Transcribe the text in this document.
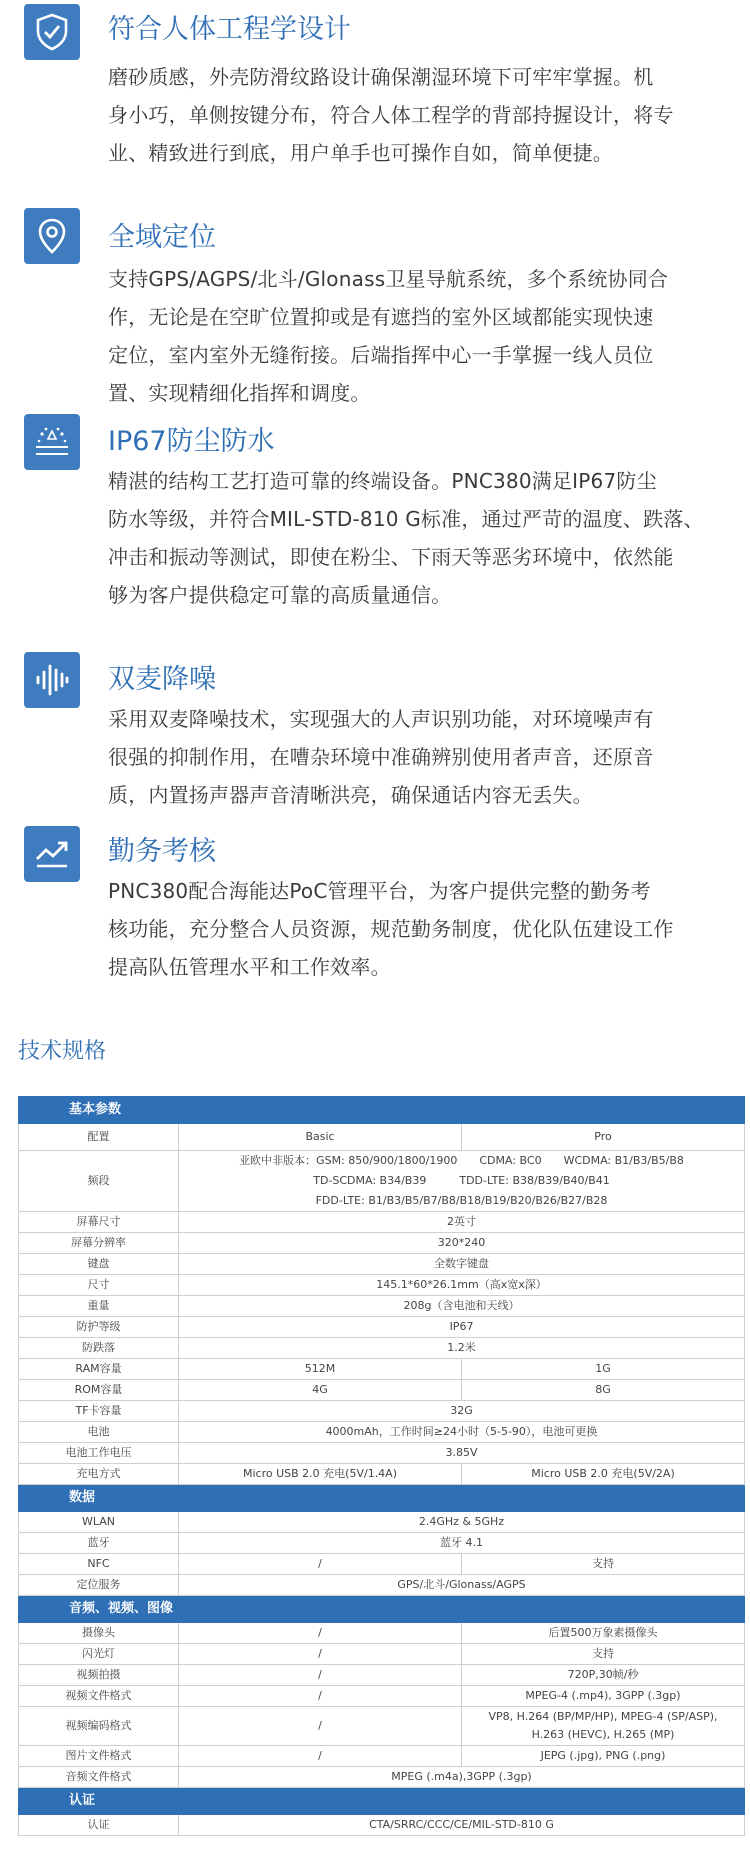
符合人体工程学设计
磨砂质感，外壳防滑纹路设计确保潮湿环境下可牢牢掌握。机
身小巧，单侧按键分布，符合人体工程学的背部持握设计，将专
业、精致进行到底，用户单手也可操作自如，简单便捷。
全域定位
支持GPS/AGPS/北斗/Glonass卫星导航系统，多个系统协同合
作，无论是在空旷位置抑或是有遮挡的室外区域都能实现快速
定位，室内室外无缝衔接。后端指挥中心一手掌握一线人员位
置、实现精细化指挥和调度。
IP67防尘防水
精湛的结构工艺打造可靠的终端设备。PNC380满足IP67防尘
防水等级，并符合MIL-STD-810 G标准，通过严苛的温度、跌落、
冲击和振动等测试，即使在粉尘、下雨天等恶劣环境中，依然能
够为客户提供稳定可靠的高质量通信。
双麦降噪
采用双麦降噪技术，实现强大的人声识别功能，对环境噪声有
很强的抑制作用，在嘈杂环境中准确辨别使用者声音，还原音
质，内置扬声器声音清晰洪亮，确保通话内容无丢失。
勤务考核
PNC380配合海能达PoC管理平台，为客户提供完整的勤务考
核功能，充分整合人员资源，规范勤务制度，优化队伍建设工作
提高队伍管理水平和工作效率。
技术规格
基本参数		
配置	Basic	Pro
频段	亚欧中非版本：GSM: 850/900/1800/1900　　CDMA: BC0　　WCDMA: B1/B3/B5/B8
TD-SCDMA: B34/B39　　　TDD-LTE: B38/B39/B40/B41
FDD-LTE: B1/B3/B5/B7/B8/B18/B19/B20/B26/B27/B28	

屏幕尺寸	2英寸	
屏幕分辨率	320*240	
键盘	全数字键盘	
尺寸	145.1*60*26.1mm（高x宽x深）	
重量	208g（含电池和天线）	
防护等级	IP67	
防跌落	1.2米	
RAM容量	512M	1G
ROM容量	4G	8G
TF卡容量	32G	
电池	4000mAh，工作时间≥24小时（5-5-90），电池可更换	
电池工作电压	3.85V	
充电方式	Micro USB 2.0 充电(5V/1.4A)	Micro USB 2.0 充电(5V/2A)
数据		
WLAN	2.4GHz & 5GHz	
蓝牙	蓝牙 4.1	
NFC	/	支持
定位服务	GPS/北斗/Glonass/AGPS	
音频、视频、图像		
摄像头	/	后置500万象素摄像头
闪光灯	/	支持
视频拍摄	/	720P,30帧/秒
视频文件格式	/	MPEG-4 (.mp4), 3GPP (.3gp)
视频编码格式	/	VP8, H.264 (BP/MP/HP), MPEG-4 (SP/ASP),
H.263 (HEVC), H.265 (MP)

图片文件格式	/	JEPG (.jpg), PNG (.png)
音频文件格式	MPEG (.m4a),3GPP (.3gp)	
认证		
认证	CTA/SRRC/CCC/CE/MIL-STD-810 G	
